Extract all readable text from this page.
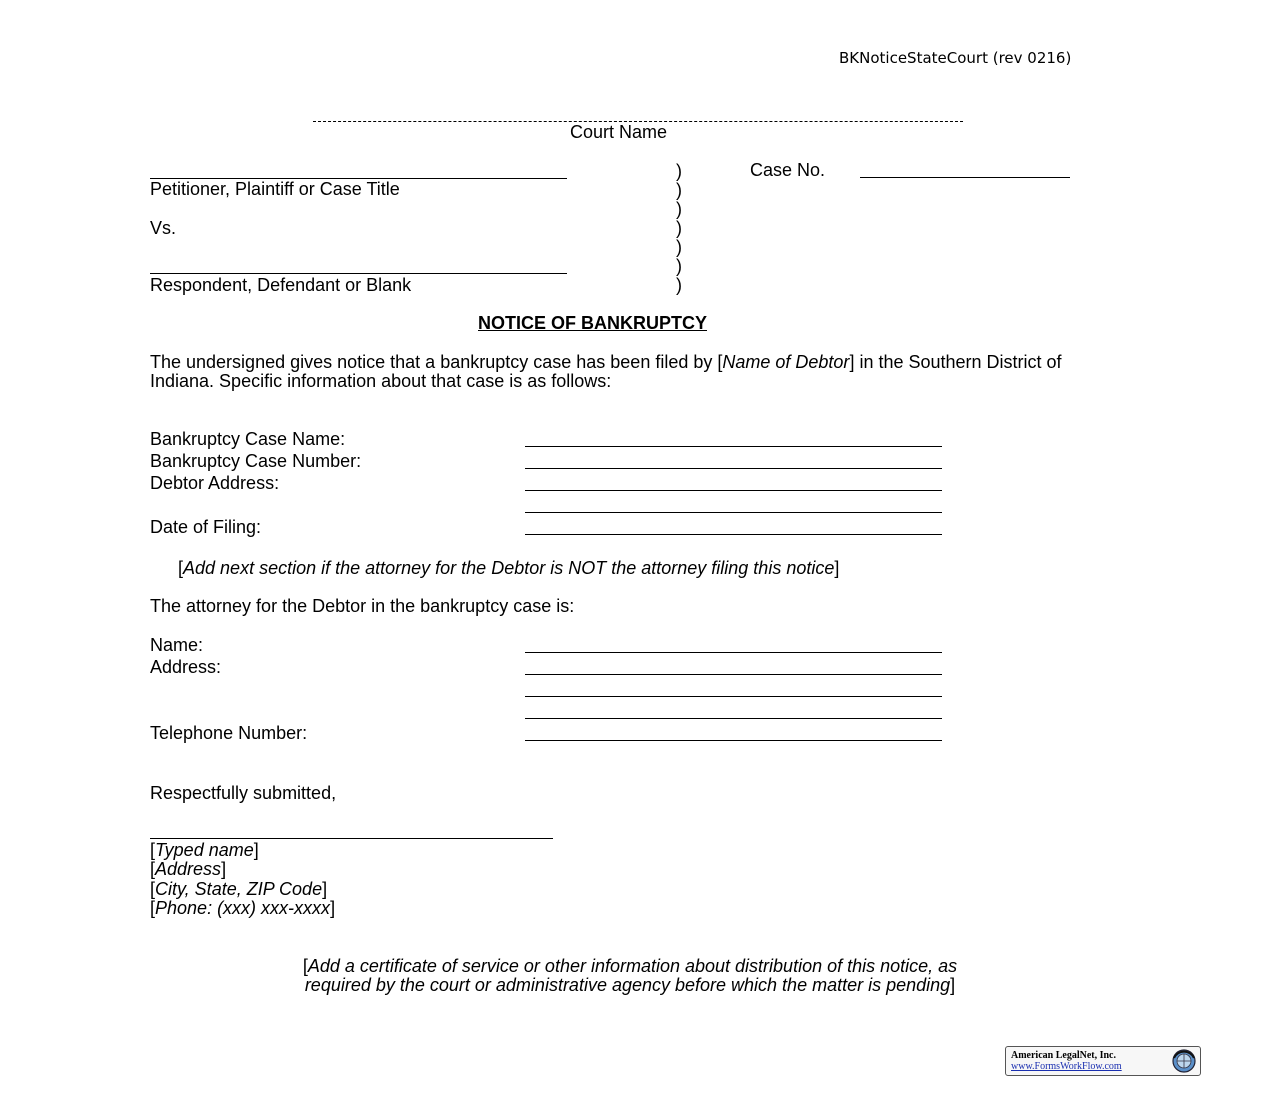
BKNoticeStateCourt (rev 0216)
Court Name
Petitioner, Plaintiff or Case Title
Vs.
Respondent, Defendant or Blank
)
)
)
)
)
)
)
Case No.
NOTICE OF BANKRUPTCY
The undersigned gives notice that a bankruptcy case has been filed by [Name of Debtor] in the Southern District of Indiana. Specific information about that case is as follows:
Bankruptcy Case Name:
Bankruptcy Case Number:
Debtor Address:
Date of Filing:
[Add next section if the attorney for the Debtor is NOT the attorney filing this notice]
The attorney for the Debtor in the bankruptcy case is:
Name:
Address:
Telephone Number:
Respectfully submitted,
[Typed name]
[Address]
[City, State, ZIP Code]
[Phone: (xxx) xxx-xxxx]
[Add a certificate of service or other information about distribution of this notice, as
required by the court or administrative agency before which the matter is pending]
American LegalNet, Inc.
www.FormsWorkFlow.com
